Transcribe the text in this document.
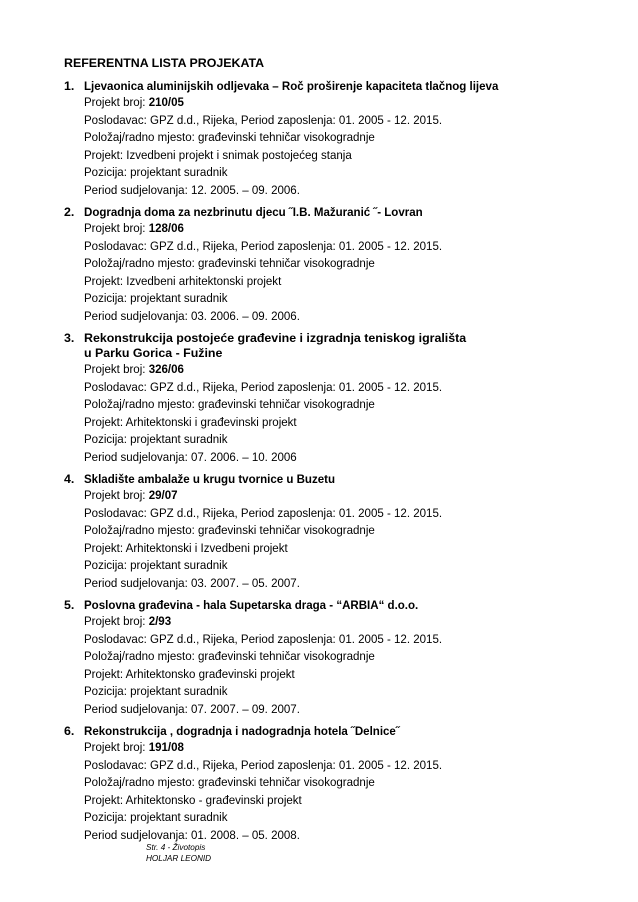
REFERENTNA LISTA PROJEKATA
1. Ljevaonica aluminijskih odljevaka – Roč proširenje kapaciteta tlačnog lijeva
Projekt broj: 210/05
Poslodavac: GPZ d.d., Rijeka, Period zaposlenja: 01. 2005 - 12. 2015.
Položaj/radno mjesto: građevinski tehničar visokogradnje
Projekt: Izvedbeni projekt i snimak postojećeg stanja
Pozicija: projektant suradnik
Period sudjelovanja: 12. 2005. – 09. 2006.
2. Dogradnja doma za nezbrinutu djecu ˝I.B. Mažuranić ˝- Lovran
Projekt broj: 128/06
Poslodavac: GPZ d.d., Rijeka, Period zaposlenja: 01. 2005 - 12. 2015.
Položaj/radno mjesto: građevinski tehničar visokogradnje
Projekt: Izvedbeni arhitektonski projekt
Pozicija: projektant suradnik
Period sudjelovanja: 03. 2006. – 09. 2006.
3. Rekonstrukcija postojeće građevine i izgradnja teniskog igrališta u Parku Gorica - Fužine
Projekt broj: 326/06
Poslodavac: GPZ d.d., Rijeka, Period zaposlenja: 01. 2005 - 12. 2015.
Položaj/radno mjesto: građevinski tehničar visokogradnje
Projekt: Arhitektonski i građevinski projekt
Pozicija: projektant suradnik
Period sudjelovanja: 07. 2006. – 10. 2006
4. Skladište ambalaže u krugu tvornice u Buzetu
Projekt broj: 29/07
Poslodavac: GPZ d.d., Rijeka, Period zaposlenja: 01. 2005 - 12. 2015.
Položaj/radno mjesto: građevinski tehničar visokogradnje
Projekt: Arhitektonski i Izvedbeni projekt
Pozicija: projektant suradnik
Period sudjelovanja: 03. 2007. – 05. 2007.
5. Poslovna građevina - hala Supetarska draga - “ARBIA“ d.o.o.
Projekt broj: 2/93
Poslodavac: GPZ d.d., Rijeka, Period zaposlenja: 01. 2005 - 12. 2015.
Položaj/radno mjesto: građevinski tehničar visokogradnje
Projekt: Arhitektonsko građevinski projekt
Pozicija: projektant suradnik
Period sudjelovanja: 07. 2007. – 09. 2007.
6. Rekonstrukcija , dogradnja i nadogradnja hotela ˝Delnice˝
Projekt broj: 191/08
Poslodavac: GPZ d.d., Rijeka, Period zaposlenja: 01. 2005 - 12. 2015.
Položaj/radno mjesto: građevinski tehničar visokogradnje
Projekt: Arhitektonsko - građevinski projekt
Pozicija: projektant suradnik
Period sudjelovanja: 01. 2008. – 05. 2008.
Str. 4 - Životopis
HOLJAR LEONID
